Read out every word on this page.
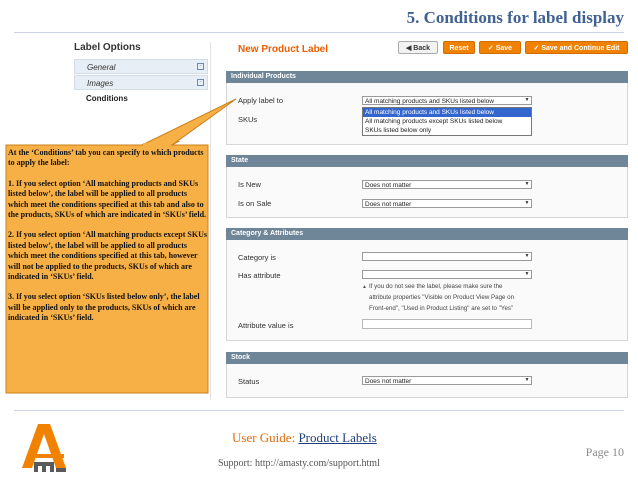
5. Conditions for label display
Label Options
General	-
Images	-
Conditions
New Product Label	◀ Back	Reset	✓ Save	✓ Save and Continue Edit
Individual Products
Apply label to	All matching products and SKUs listed below	▼
All matching products and SKUs listed below
All matching products except SKUs listed below
SKUs listed below only
SKUs
State
Is New	Does not matter	▼
Is on Sale	Does not matter	▼
Category & Attributes
Category is	▼
Has attribute	▼
▲ If you do not see the label, please make sure the
attribute properties "Visible on Product View Page on
Front-end", "Used in Product Listing" are set to "Yes"
Attribute value is
Stock
Status	Does not matter	▼

At the ‘Conditions’ tab you can specify to which products to apply the label:

1. If you select option ‘All matching products and SKUs listed below’, the label will be applied to all products which meet the conditions specified at this tab and also to the products, SKUs of which are indicated in ‘SKUs’ field.

2. If you select option ‘All matching products except SKUs listed below’, the label will be applied to all products which meet the conditions specified at this tab, however will not be applied to the products, SKUs of which are indicated in ‘SKUs’ field.

3. If you select option ‘SKUs listed below only’, the label will be applied only to the products, SKUs of which are indicated in ‘SKUs’ field.

User Guide: Product Labels
Page 10
Support: http://amasty.com/support.html
